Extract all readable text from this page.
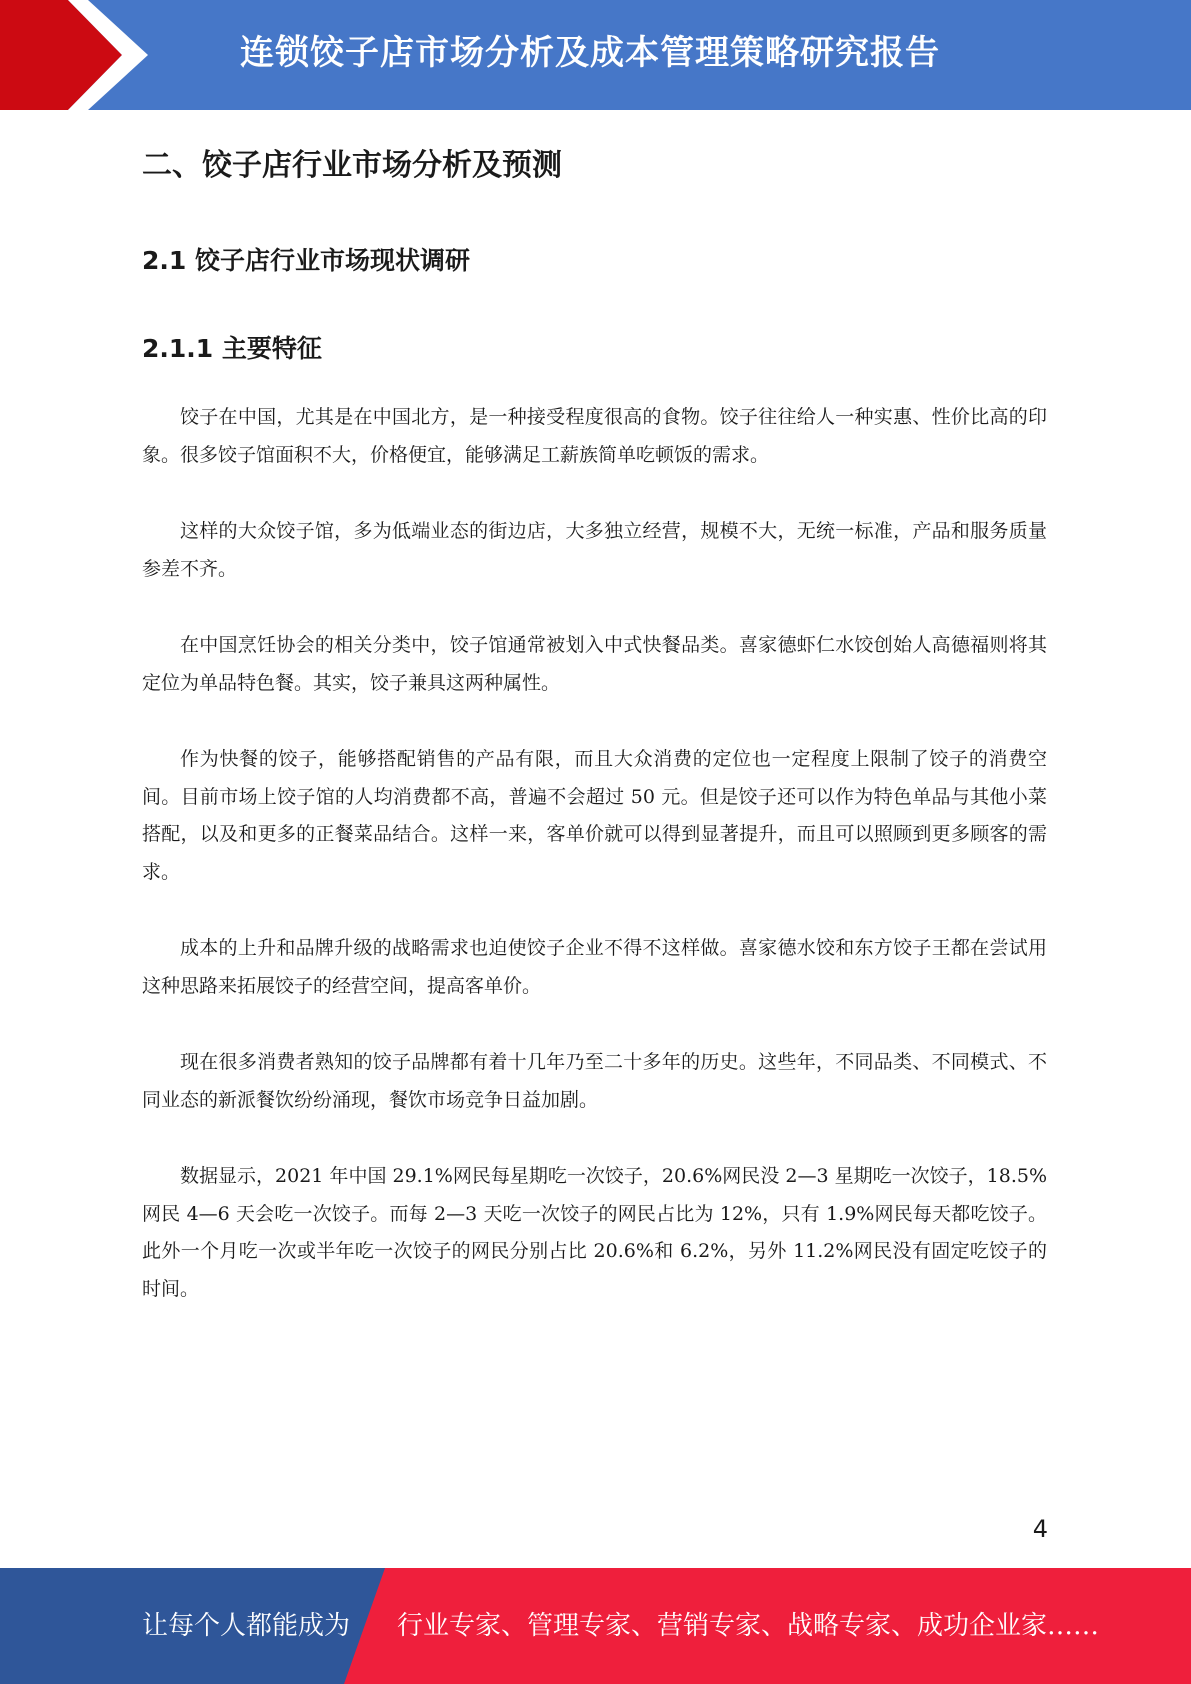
连锁饺子店市场分析及成本管理策略研究报告
二、饺子店行业市场分析及预测
2.1 饺子店行业市场现状调研
2.1.1 主要特征

饺子在中国，尤其是在中国北方，是一种接受程度很高的食物。饺子往往给人一种实惠、性价比高的印象。很多饺子馆面积不大，价格便宜，能够满足工薪族简单吃顿饭的需求。

这样的大众饺子馆，多为低端业态的街边店，大多独立经营，规模不大，无统一标准，产品和服务质量参差不齐。

在中国烹饪协会的相关分类中，饺子馆通常被划入中式快餐品类。喜家德虾仁水饺创始人高德福则将其定位为单品特色餐。其实，饺子兼具这两种属性。

作为快餐的饺子，能够搭配销售的产品有限，而且大众消费的定位也一定程度上限制了饺子的消费空间。目前市场上饺子馆的人均消费都不高，普遍不会超过 50 元。但是饺子还可以作为特色单品与其他小菜搭配，以及和更多的正餐菜品结合。这样一来，客单价就可以得到显著提升，而且可以照顾到更多顾客的需求。

成本的上升和品牌升级的战略需求也迫使饺子企业不得不这样做。喜家德水饺和东方饺子王都在尝试用这种思路来拓展饺子的经营空间，提高客单价。

现在很多消费者熟知的饺子品牌都有着十几年乃至二十多年的历史。这些年，不同品类、不同模式、不同业态的新派餐饮纷纷涌现，餐饮市场竞争日益加剧。

数据显示，2021 年中国 29.1%网民每星期吃一次饺子，20.6%网民没 2—3 星期吃一次饺子，18.5%网民 4—6 天会吃一次饺子。而每 2—3 天吃一次饺子的网民占比为 12%，只有 1.9%网民每天都吃饺子。此外一个月吃一次或半年吃一次饺子的网民分别占比 20.6%和 6.2%，另外 11.2%网民没有固定吃饺子的时间。

4
让每个人都能成为 行业专家、管理专家、营销专家、战略专家、成功企业家……
